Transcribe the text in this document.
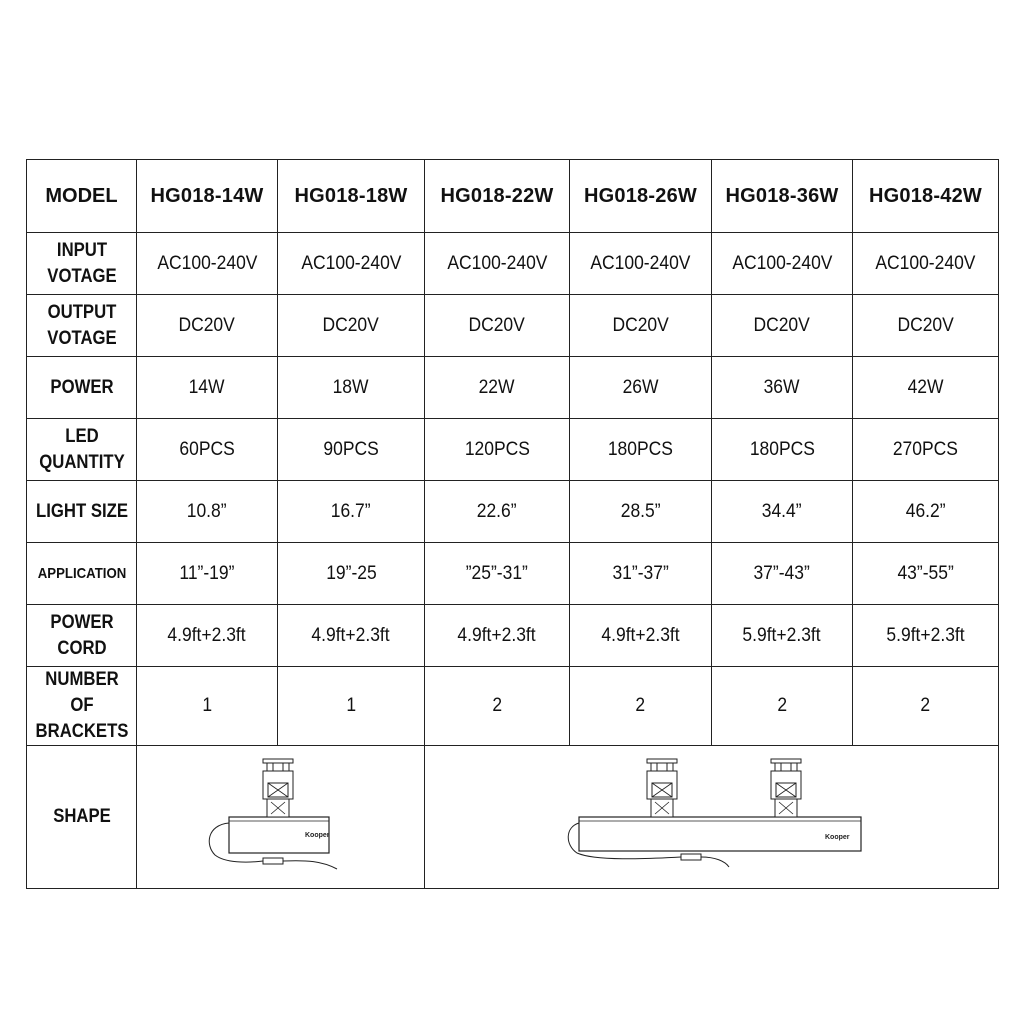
MODEL	HG018-14W	HG018-18W	HG018-22W	HG018-26W	HG018-36W	HG018-42W
INPUT
VOTAGE	AC100-240V	AC100-240V	AC100-240V	AC100-240V	AC100-240V	AC100-240V
OUTPUT
VOTAGE	DC20V	DC20V	DC20V	DC20V	DC20V	DC20V
POWER	14W	18W	22W	26W	36W	42W
LED
QUANTITY	60PCS	90PCS	120PCS	180PCS	180PCS	270PCS
LIGHT SIZE	10.8”	16.7”	22.6”	28.5”	34.4”	46.2”
APPLICATION	11”-19”	19”-25	”25”-31”	31”-37”	37”-43”	43”-55”
POWER
CORD	4.9ft+2.3ft	4.9ft+2.3ft	4.9ft+2.3ft	4.9ft+2.3ft	5.9ft+2.3ft	5.9ft+2.3ft
NUMBER OF
BRACKETS	1	1	2	2	2	2
SHAPE	Kooper		Kooper			
